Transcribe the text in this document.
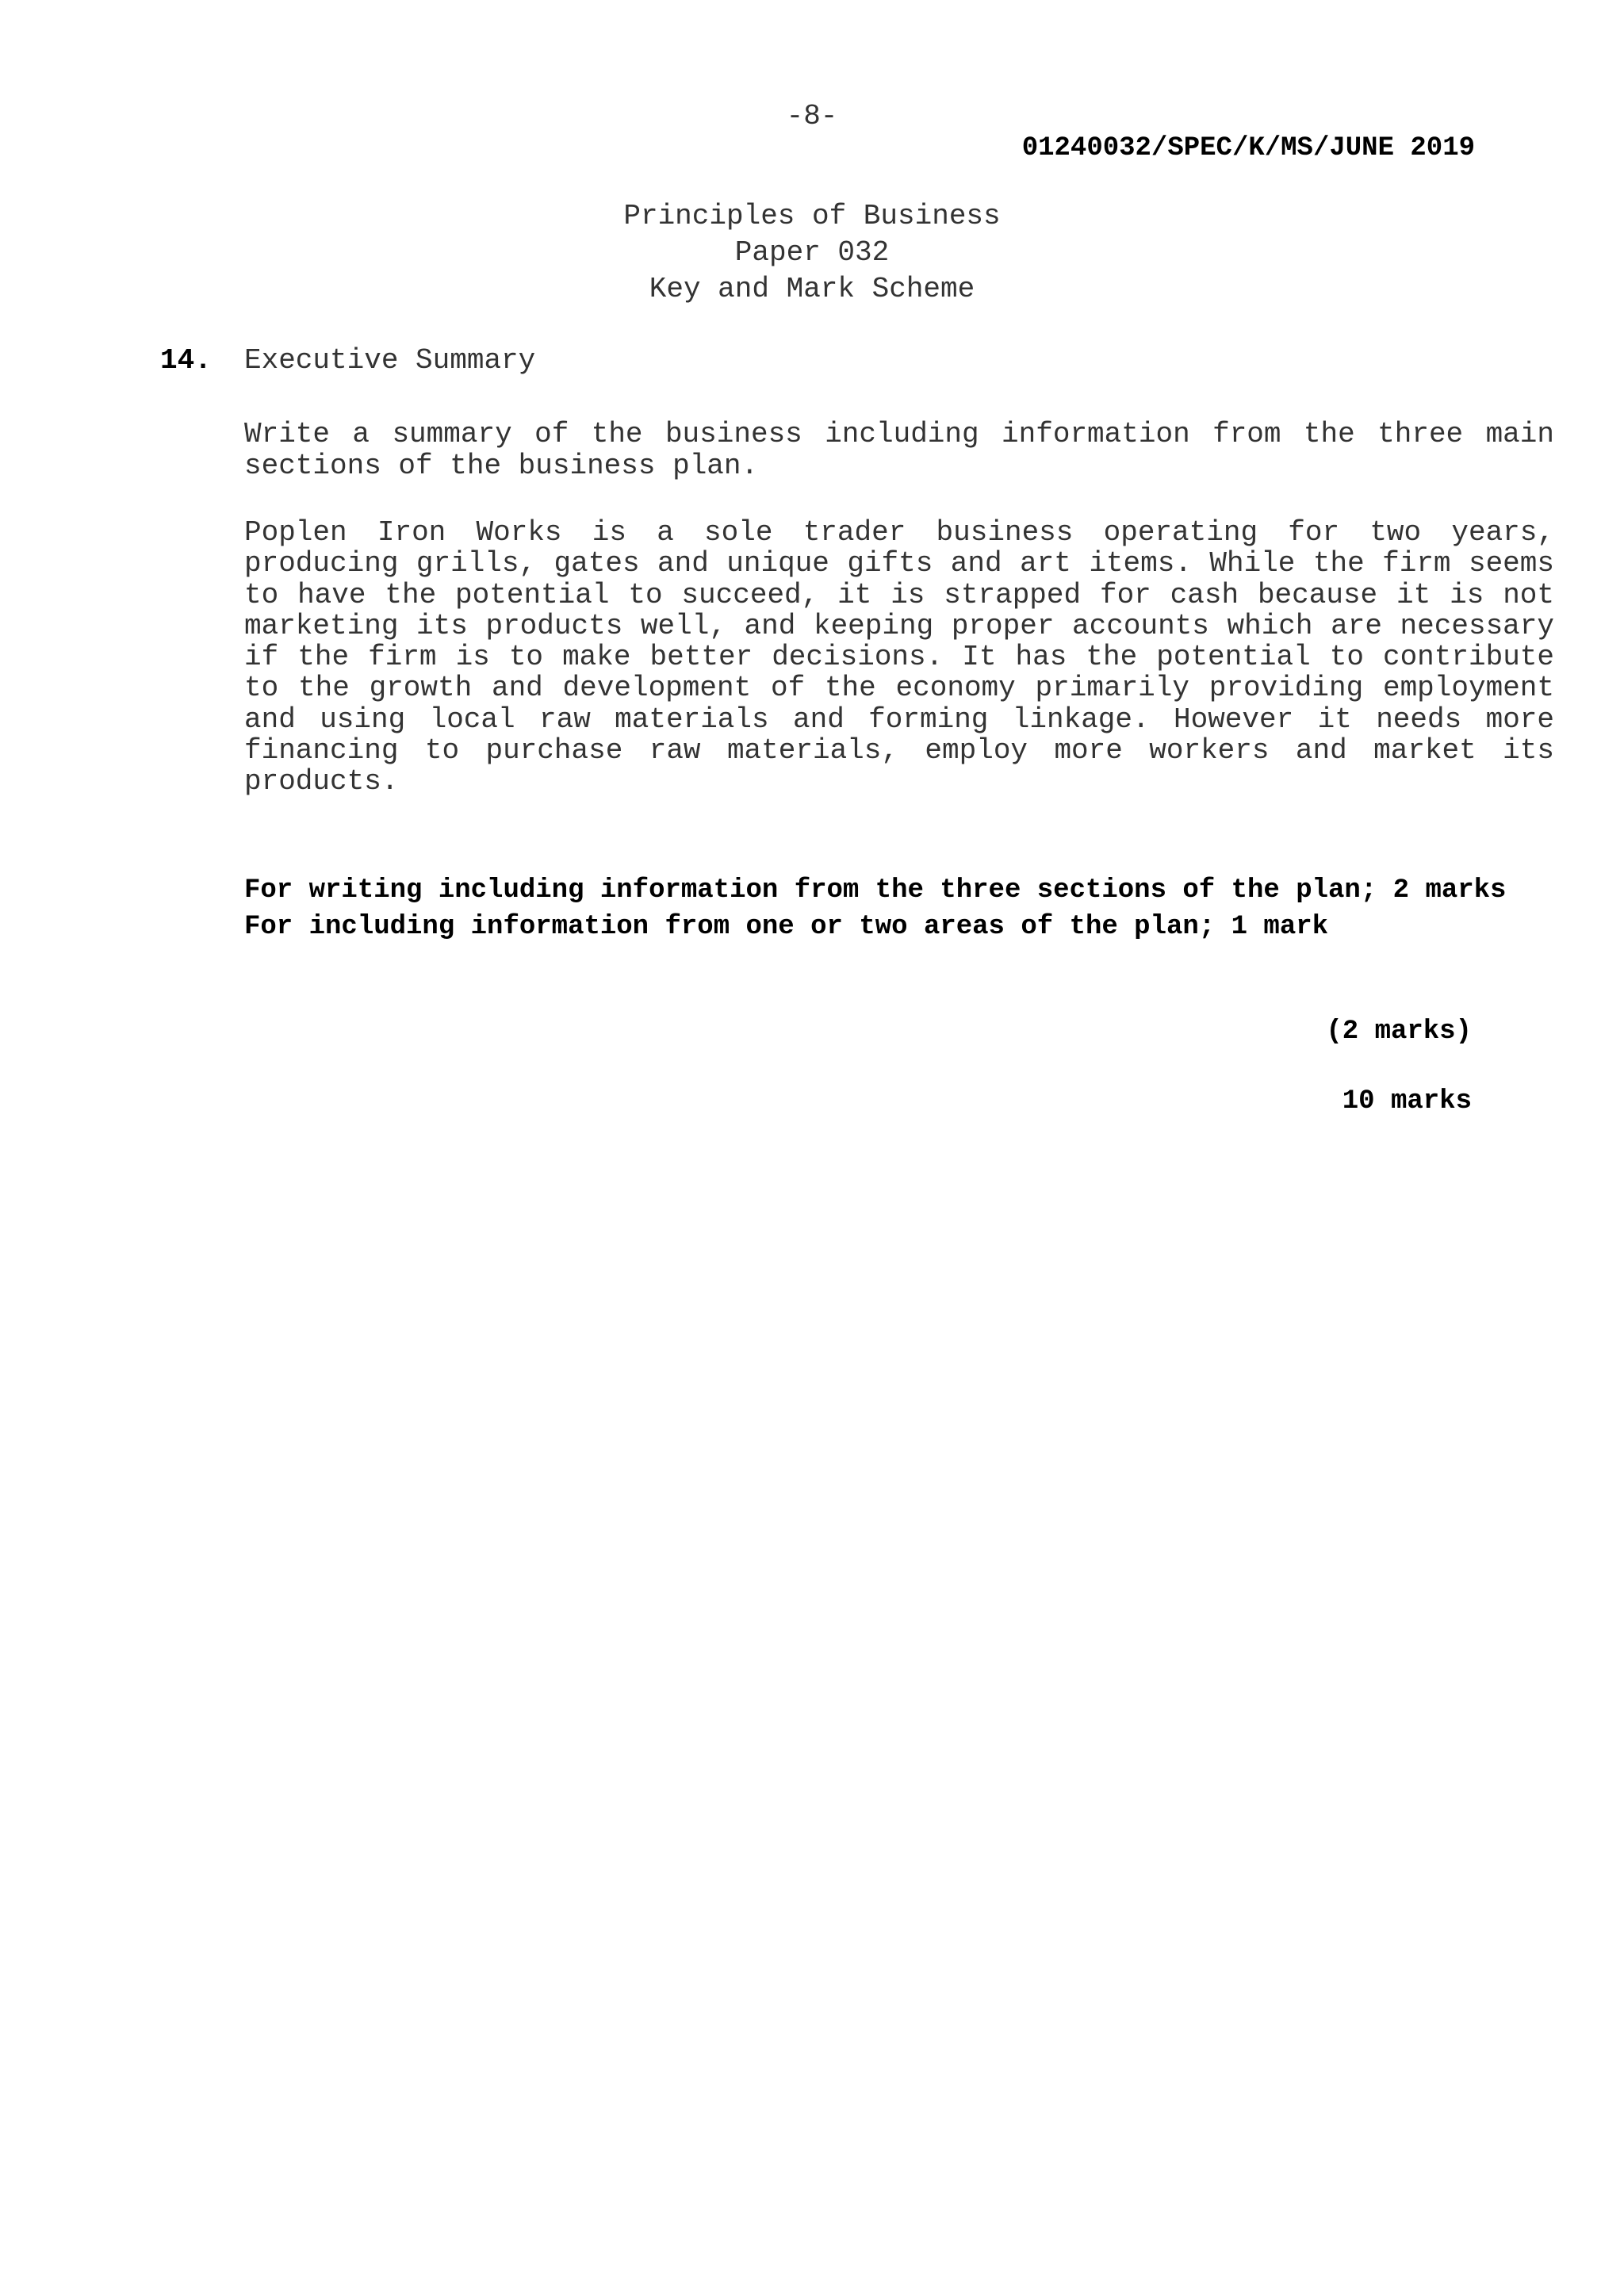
-8-
01240032/SPEC/K/MS/JUNE 2019
Principles of Business
Paper 032
Key and Mark Scheme
14. Executive Summary
Write a summary of the business including information from the three main sections of the business plan.
Poplen Iron Works is a sole trader business operating for two years, producing grills, gates and unique gifts and art items. While the firm seems to have the potential to succeed, it is strapped for cash because it is not marketing its products well, and keeping proper accounts which are necessary if the firm is to make better decisions. It has the potential to contribute to the growth and development of the economy primarily providing employment and using local raw materials and forming linkage. However it needs more financing to purchase raw materials, employ more workers and market its products.
For writing including information from the three sections of the plan; 2 marks
For including information from one or two areas of the plan; 1 mark
(2 marks)
10 marks
